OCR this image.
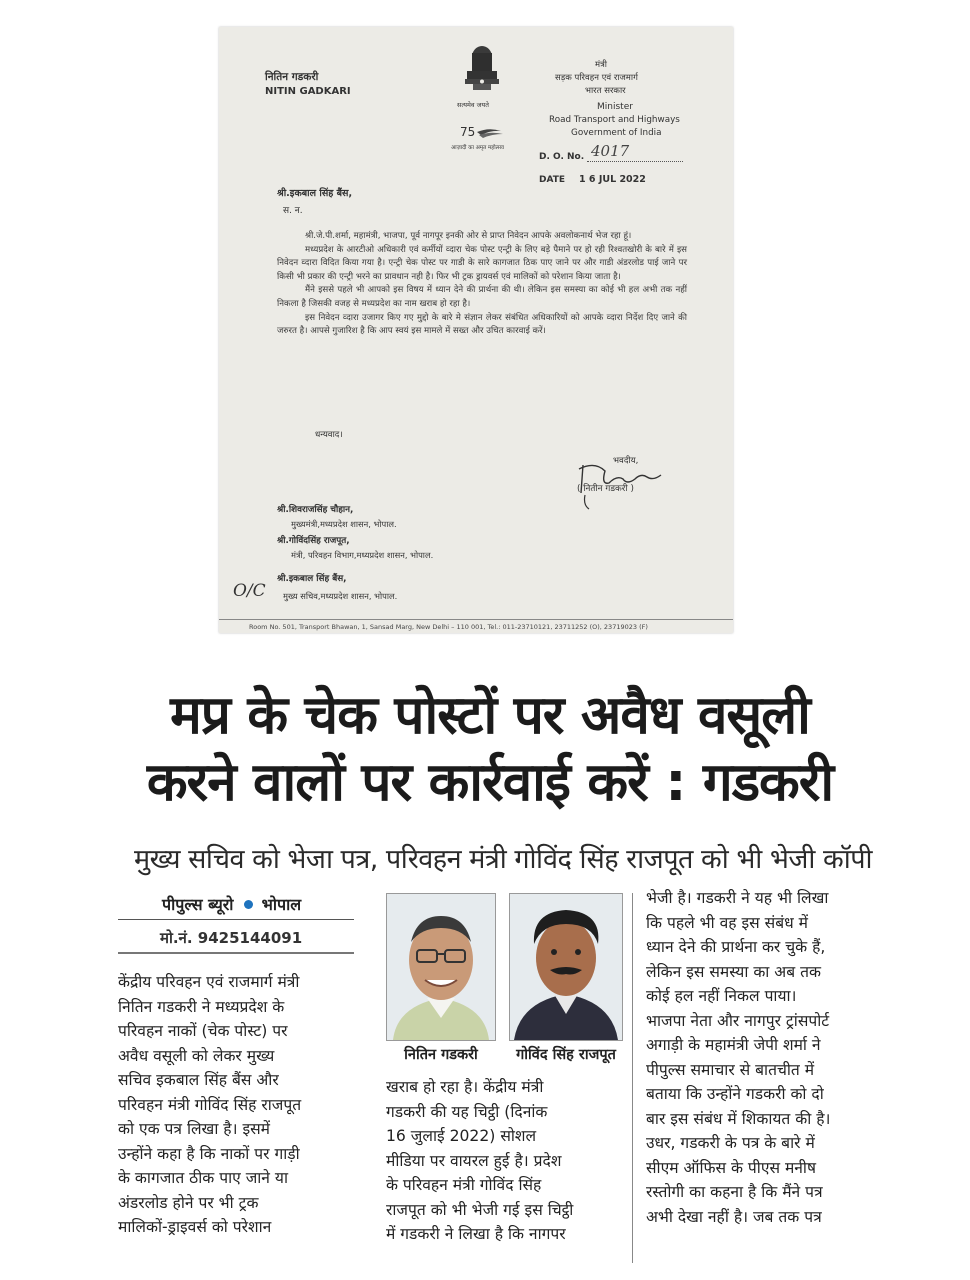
नितिन गडकरी
NITIN GADKARI
सत्यमेव जयते
75
आज़ादी का अमृत महोत्सव
मंत्री
सड़क परिवहन एवं राजमार्ग
भारत सरकार
Minister
Road Transport and Highways
Government of India
D. O. No. 4017
DATE 1 6 JUL 2022
श्री.इकबाल सिंह बैंस,
स. न.

श्री.जे.पी.शर्मा, महामंत्री, भाजपा, पूर्व नागपूर इनकी ओर से प्राप्त निवेदन आपके अवलोकनार्थ भेज रहा हूं।

मध्यप्रदेश के आरटीओ अधिकारी एवं कर्मीयों व्दारा चेक पोस्ट एन्ट्री के लिए बड़े पैमाने पर हो रही रिश्वतखोरी के बारे में इस निवेदन व्दारा विदित किया गया है। एन्ट्री चेक पोस्ट पर गाडी के सारे कागजात ठिक पाए जाने पर और गाडी अंडरलोड पाई जाने पर किसी भी प्रकार की एन्ट्री भरने का प्रावधान नही है। फिर भी ट्रक ड्रायवर्स एवं मालिकों को परेशान किया जाता है।

मैंने इससे पहले भी आपको इस विषय में ध्यान देने की प्रार्थना की थी। लेकिन इस समस्या का कोई भी हल अभी तक नहीं निकला है जिसकी वजह से मध्यप्रदेश का नाम खराब हो रहा है।

इस निवेदन व्दारा उजागर किए गए मुद्दो के बारे मे संज्ञान लेकर संबंधित अधिकारियों को आपके व्दारा निर्देश दिए जाने की जरुरत है। आपसे गुजारिश है कि आप स्वयं इस मामले में सख्त और उचित कारवाई करें।

धन्यवाद।
भवदीय,
( नितीन गडकरी )
श्री.शिवराजसिंह चौहान,
मुख्यमंत्री,मध्यप्रदेश शासन, भोपाल.
श्री.गोविंदसिंह राजपूत,
मंत्री, परिवहन विभाग,मध्यप्रदेश शासन, भोपाल.
श्री.इकबाल सिंह बैंस,
मुख्य सचिव,मध्यप्रदेश शासन, भोपाल.
O/C
Room No. 501, Transport Bhawan, 1, Sansad Marg, New Delhi – 110 001, Tel.: 011-23710121, 23711252 (O), 23719023 (F)
मप्र के चेक पोस्टों पर अवैध वसूली
करने वालों पर कार्रवाई करें : गडकरी
मुख्य सचिव को भेजा पत्र, परिवहन मंत्री गोविंद सिंह राजपूत को भी भेजी कॉपी
पीपुल्स ब्यूरो भोपाल
मो.नं. 9425144091
केंद्रीय परिवहन एवं राजमार्ग मंत्री
नितिन गडकरी ने मध्यप्रदेश के
परिवहन नाकों (चेक पोस्ट) पर
अवैध वसूली को लेकर मुख्य
सचिव इकबाल सिंह बैंस और
परिवहन मंत्री गोविंद सिंह राजपूत
को एक पत्र लिखा है। इसमें
उन्होंने कहा है कि नाकों पर गाड़ी
के कागजात ठीक पाए जाने या
अंडरलोड होने पर भी ट्रक
मालिकों-ड्राइवर्स को परेशान
नितिन गडकरी	गोविंद सिंह राजपूत
खराब हो रहा है। केंद्रीय मंत्री
गडकरी की यह चिट्ठी (दिनांक
16 जुलाई 2022) सोशल
मीडिया पर वायरल हुई है। प्रदेश
के परिवहन मंत्री गोविंद सिंह
राजपूत को भी भेजी गई इस चिट्ठी
में गडकरी ने लिखा है कि नागपर
भेजी है। गडकरी ने यह भी लिखा
कि पहले भी वह इस संबंध में
ध्यान देने की प्रार्थना कर चुके हैं,
लेकिन इस समस्या का अब तक
कोई हल नहीं निकल पाया।
भाजपा नेता और नागपुर ट्रांसपोर्ट
अगाड़ी के महामंत्री जेपी शर्मा ने
पीपुल्स समाचार से बातचीत में
बताया कि उन्होंने गडकरी को दो
बार इस संबंध में शिकायत की है।
उधर, गडकरी के पत्र के बारे में
सीएम ऑफिस के पीएस मनीष
रस्तोगी का कहना है कि मैंने पत्र
अभी देखा नहीं है। जब तक पत्र
